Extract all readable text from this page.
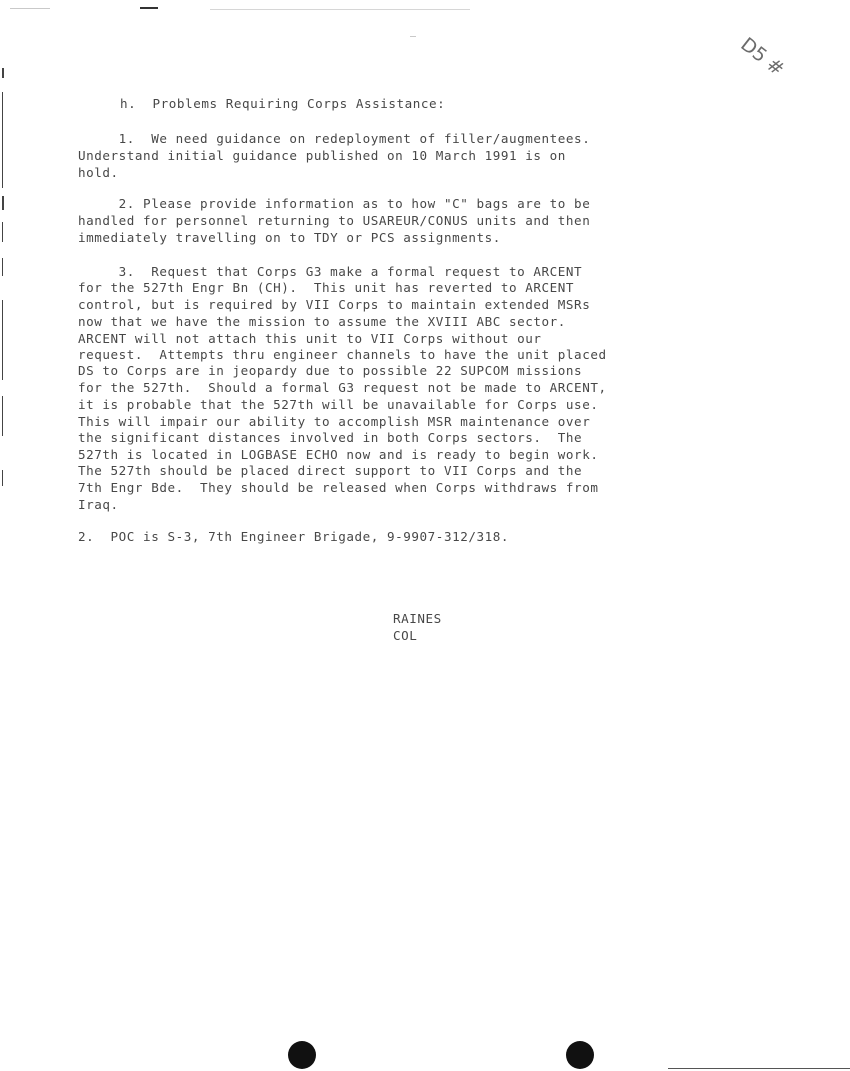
D5 #
h.  Problems Requiring Corps Assistance:
1.  We need guidance on redeployment of filler/augmentees.
Understand initial guidance published on 10 March 1991 is on
hold.
2. Please provide information as to how "C" bags are to be
handled for personnel returning to USAREUR/CONUS units and then
immediately travelling on to TDY or PCS assignments.
3.  Request that Corps G3 make a formal request to ARCENT
for the 527th Engr Bn (CH).  This unit has reverted to ARCENT
control, but is required by VII Corps to maintain extended MSRs
now that we have the mission to assume the XVIII ABC sector.
ARCENT will not attach this unit to VII Corps without our
request.  Attempts thru engineer channels to have the unit placed
DS to Corps are in jeopardy due to possible 22 SUPCOM missions
for the 527th.  Should a formal G3 request not be made to ARCENT,
it is probable that the 527th will be unavailable for Corps use.
This will impair our ability to accomplish MSR maintenance over
the significant distances involved in both Corps sectors.  The
527th is located in LOGBASE ECHO now and is ready to begin work.
The 527th should be placed direct support to VII Corps and the
7th Engr Bde.  They should be released when Corps withdraws from
Iraq.
2.  POC is S-3, 7th Engineer Brigade, 9-9907-312/318.
RAINES
COL
